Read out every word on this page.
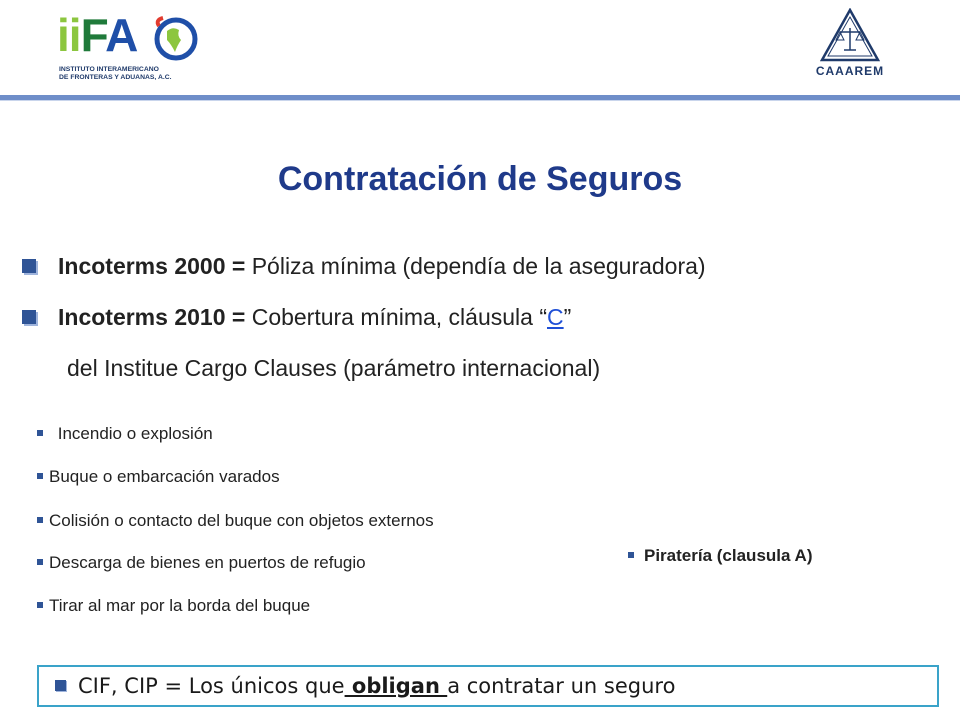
iiFA
INSTITUTO INTERAMERICANO
DE FRONTERAS Y ADUANAS, A.C.	CAAAREM
Contratación de Seguros
Incoterms 2000 = Póliza mínima (dependía de la aseguradora)
Incoterms 2010 = Cobertura mínima, cláusula “C”
del Institue Cargo Clauses (parámetro internacional)
Incendio o explosión
Buque o embarcación varados
Colisión o contacto del buque con objetos externos
Descarga de bienes en puertos de refugio
Tirar al mar por la borda del buque
Piratería (clausula A)
CIF, CIP = Los únicos que obligan a contratar un seguro
